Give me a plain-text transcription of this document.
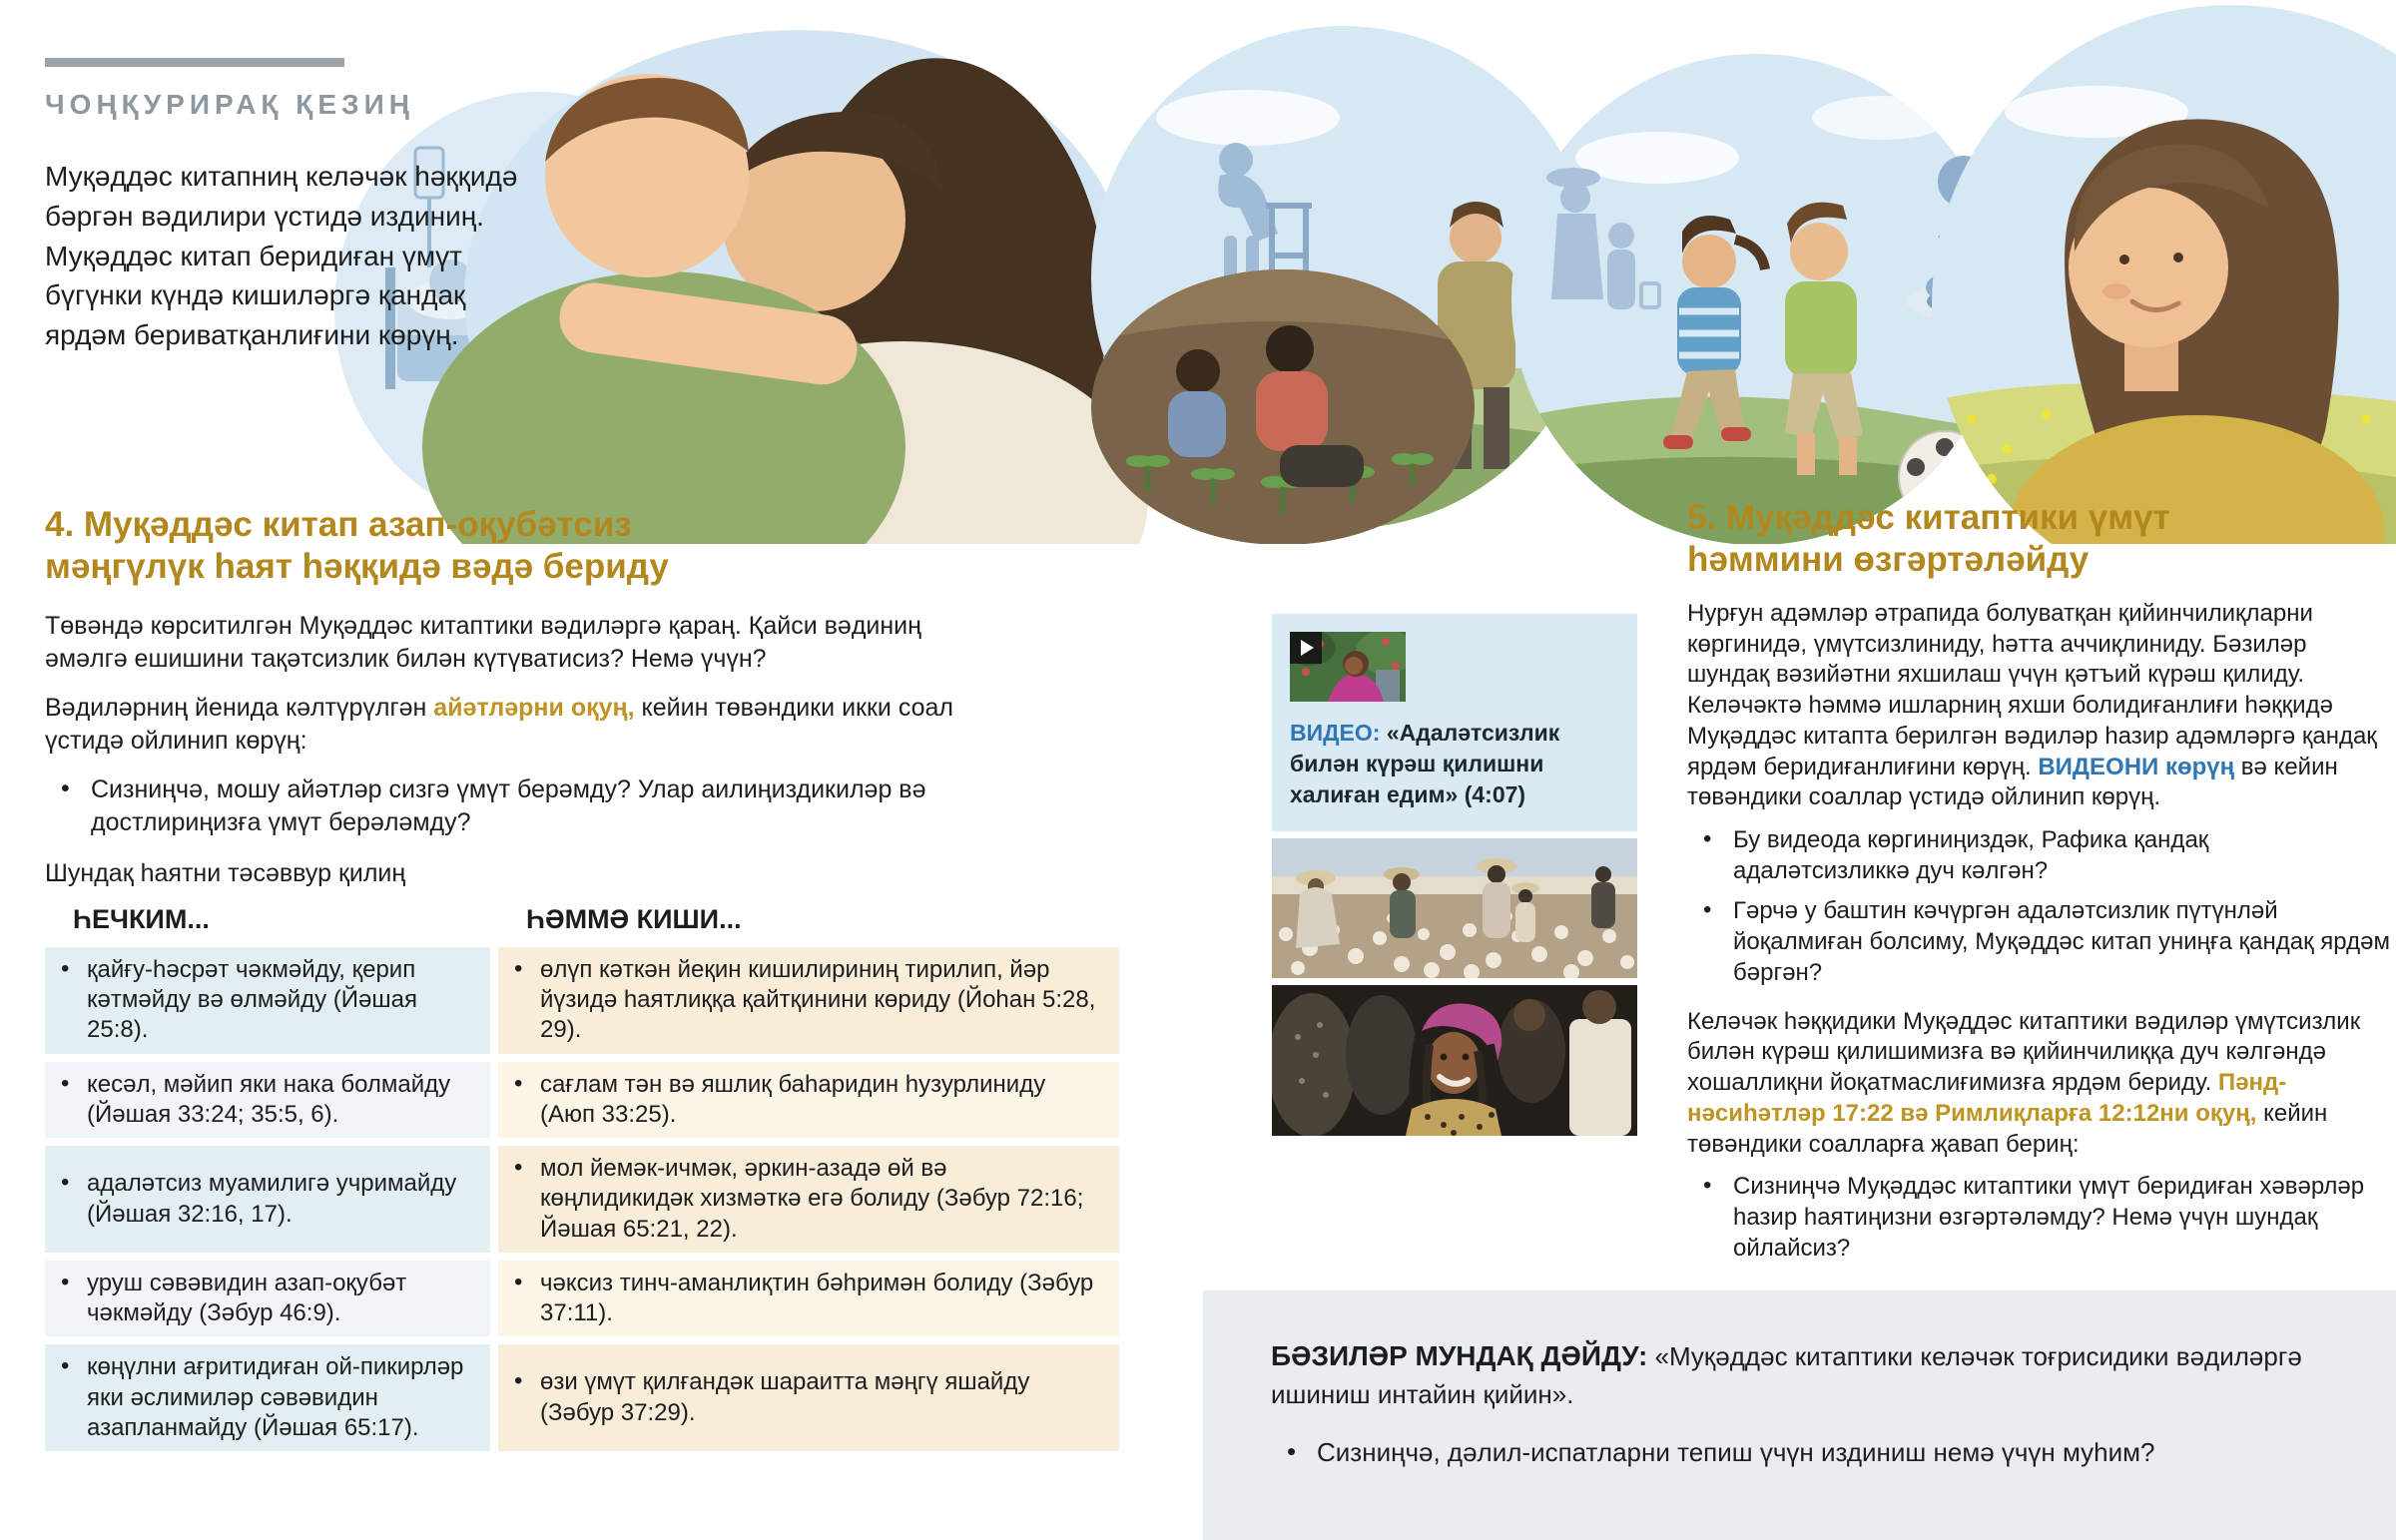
ЧОҢҚУРИРАҚ ҚЕЗИҢ

Муқәддәс китапниң келәчәк һәққидә бәргән вәдилири үстидә издиниң. Муқәддәс китап беридиған үмүт бүгүнки күндә кишиләргә қандақ ярдәм бериватқанлиғини көрүң.

4. Муқәддәс китап азап-оқубәтсиз мәңгүлүк һаят һәққидә вәдә бериду

Төвәндә көрситилгән Муқәддәс китаптики вәдиләргә қараң. Қайси вәдиниң әмәлгә ешишини тақәтсизлик билән күтүватисиз? Немә үчүн?

Вәдиләрниң йенида кәлтүрүлгән айәтләрни оқуң, кейин төвәндики икки соал үстидә ойлинип көрүң:

• Сизниңчә, мошу айәтләр сизгә үмүт берәмду? Улар аилиңиздикиләр вә достлириңизға үмүт берәләмду?

Шундақ һаятни тәсәввур қилиң

ҺЕЧКИМ...	ҺӘММӘ КИШИ...
• қайғу-һәсрәт чәкмәйду, қерип кәтмәйду вә өлмәйду (Йәшая 25:8).
• өлүп кәткән йеқин кишилириниң тирилип, йәр йүзидә һаятлиққа қайтқинини көриду (Йоһан 5:28, 29).
• кесәл, мәйип яки нака болмайду (Йәшая 33:24; 35:5, 6).
• сағлам тән вә яшлиқ баһаридин һузурлиниду (Аюп 33:25).
• адаләтсиз муамилигә учримайду (Йәшая 32:16, 17).
• мол йемәк-ичмәк, әркин-азадә өй вә көңлидикидәк хизмәткә егә болиду (Зәбур 72:16; Йәшая 65:21, 22).
• уруш сәвәвидин азап-оқубәт чәкмәйду (Зәбур 46:9).
• чәксиз тинч-аманлиқтин бәһримән болиду (Зәбур 37:11).
• көңүлни ағритидиған ой-пикирләр яки әслимиләр сәвәвидин азапланмайду (Йәшая 65:17).
• өзи үмүт қилғандәк шараитта мәңгү яшайду (Зәбур 37:29).

ВИДЕО: «Адаләтсизлик билән күрәш қилишни халиған едим» (4:07)

5. Муқәддәс китаптики үмүт һәммини өзгәртәләйду

Нурғун адәмләр әтрапида болуватқан қийинчилиқларни көргинидә, үмүтсизлиниду, һәтта аччиқлиниду. Бәзиләр шундақ вәзийәтни яхшилаш үчүн қәтъий күрәш қилиду. Келәчәктә һәммә ишларниң яхши болидиғанлиғи һәққидә Муқәддәс китапта берилгән вәдиләр һазир адәмләргә қандақ ярдәм беридиғанлиғини көрүң. ВИДЕОНИ көрүң вә кейин төвәндики соаллар үстидә ойлинип көрүң.

• Бу видеода көргиниңиздәк, Рафика қандақ адаләтсизликкә дуч кәлгән?
• Гәрчә у баштин кәчүргән адаләтсизлик пүтүнләй йоқалмиған болсиму, Муқәддәс китап униңға қандақ ярдәм бәргән?

Келәчәк һәққидики Муқәддәс китаптики вәдиләр үмүтсизлик билән күрәш қилишимизға вә қийинчилиққа дуч кәлгәндә хошаллиқни йоқатмаслиғимизға ярдәм бериду. Пәнд-нәсиһәтләр 17:22 вә Римлиқларға 12:12ни оқуң, кейин төвәндики соалларға җавап бериң:

• Сизниңчә Муқәддәс китаптики үмүт беридиған хәвәрләр һазир һаятиңизни өзгәртәләмду? Немә үчүн шундақ ойлайсиз?

БӘЗИЛӘР МУНДАҚ ДӘЙДУ: «Муқәддәс китаптики келәчәк тоғрисидики вәдиләргә ишиниш интайин қийин».

• Сизниңчә, дәлил-испатларни тепиш үчүн издиниш немә үчүн муһим?
